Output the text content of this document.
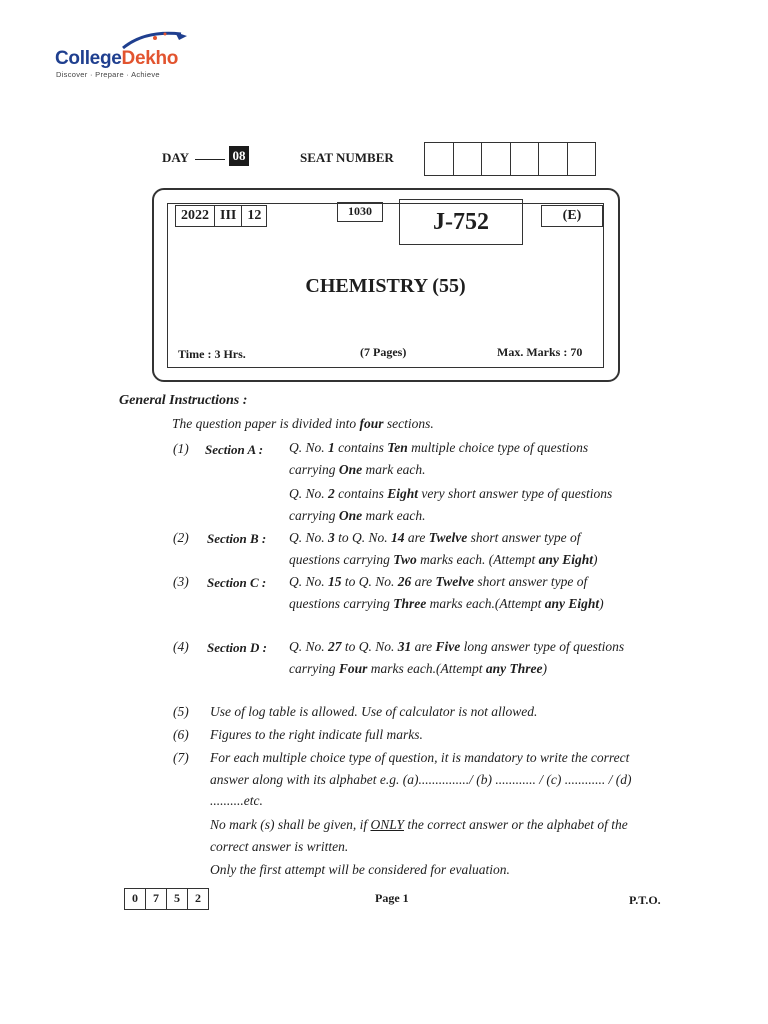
CollegeDekho
Discover · Prepare · Achieve
DAY	08	SEAT NUMBER
2022 III 12	1030	J-752	(E)
CHEMISTRY (55)
Time : 3 Hrs.	(7 Pages)	Max. Marks : 70
General Instructions :
The question paper is divided into four sections.
(1) Section A : Q. No. 1 contains Ten multiple choice type of questions carrying One mark each.
Q. No. 2 contains Eight very short answer type of questions carrying One mark each.
(2) Section B : Q. No. 3 to Q. No. 14 are Twelve short answer type of questions carrying Two marks each. (Attempt any Eight)
(3) Section C : Q. No. 15 to Q. No. 26 are Twelve short answer type of questions carrying Three marks each.(Attempt any Eight)
(4) Section D : Q. No. 27 to Q. No. 31 are Five long answer type of questions carrying Four marks each.(Attempt any Three)
(5) Use of log table is allowed. Use of calculator is not allowed.
(6) Figures to the right indicate full marks.
(7) For each multiple choice type of question, it is mandatory to write the correct answer along with its alphabet e.g. (a).............../ (b) ............ / (c) ............ / (d) ..........etc.
No mark (s) shall be given, if ONLY the correct answer or the alphabet of the correct answer is written.
Only the first attempt will be considered for evaluation.
0	7	5	2	Page 1	P.T.O.
